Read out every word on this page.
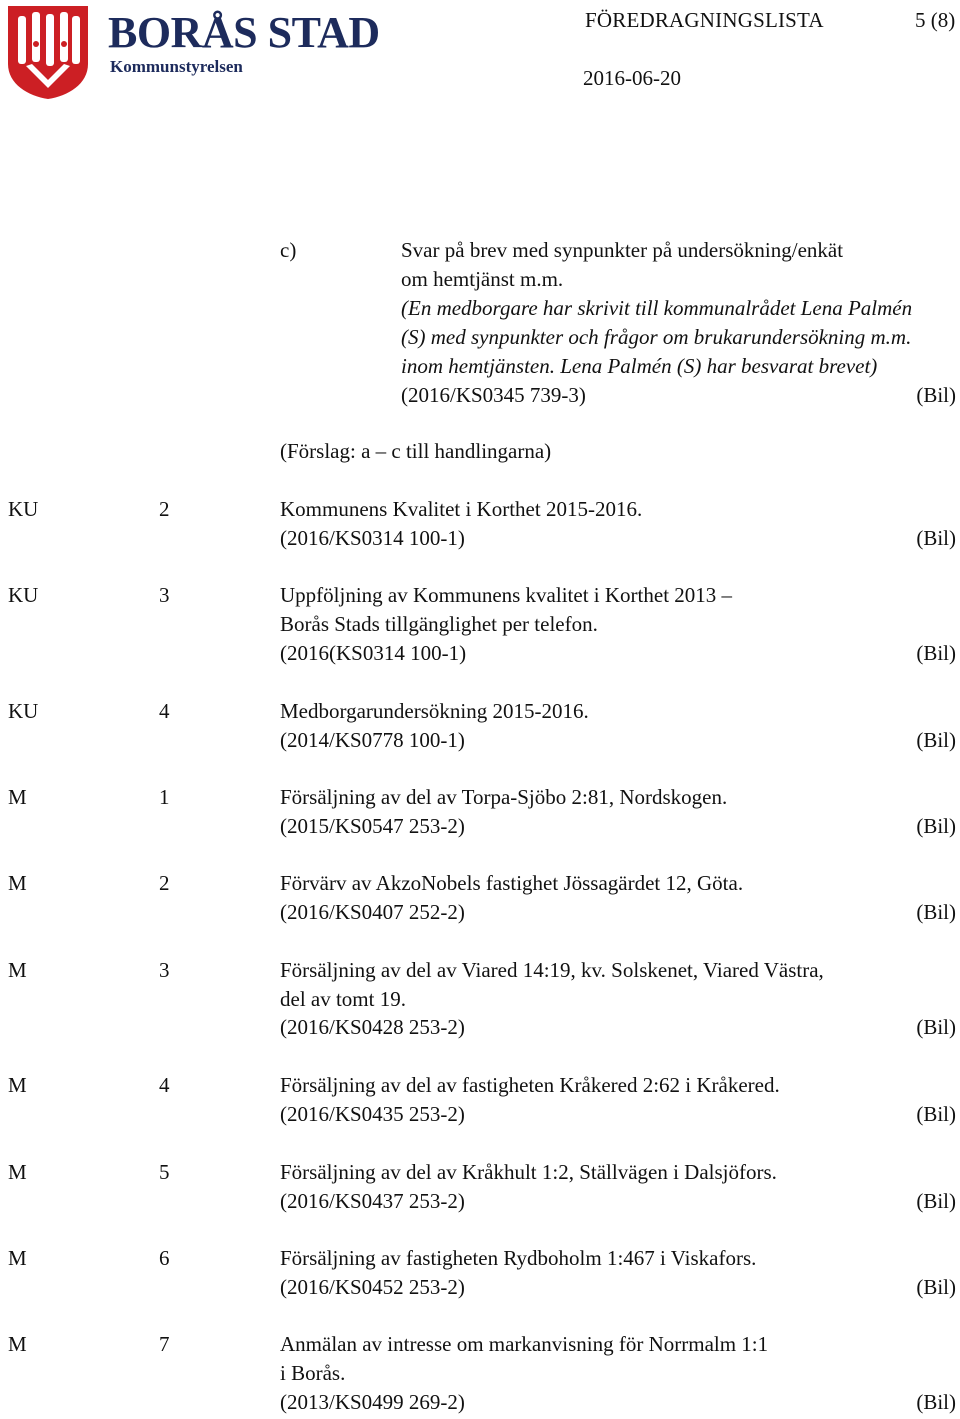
BORÅS STAD
Kommunstyrelsen
FÖREDRAGNINGSLISTA	5 (8)
2016-06-20
c)	Svar på brev med synpunkter på undersökning/enkät
om hemtjänst m.m.
(En medborgare har skrivit till kommunalrådet Lena Palmén
(S) med synpunkter och frågor om brukarundersökning m.m.
inom hemtjänsten. Lena Palmén (S) har besvarat brevet)
(2016/KS0345 739-3)	(Bil)
(Förslag: a – c till handlingarna)
KU	2	Kommunens Kvalitet i Korthet 2015-2016.
(2016/KS0314 100-1)	(Bil)
KU	3	Uppföljning av Kommunens kvalitet i Korthet 2013 –
Borås Stads tillgänglighet per telefon.
(2016(KS0314 100-1)	(Bil)
KU	4	Medborgarundersökning 2015-2016.
(2014/KS0778 100-1)	(Bil)
M	1	Försäljning av del av Torpa-Sjöbo 2:81, Nordskogen.
(2015/KS0547 253-2)	(Bil)
M	2	Förvärv av AkzoNobels fastighet Jössagärdet 12, Göta.
(2016/KS0407 252-2)	(Bil)
M	3	Försäljning av del av Viared 14:19, kv. Solskenet, Viared Västra,
del av tomt 19.
(2016/KS0428 253-2)	(Bil)
M	4	Försäljning av del av fastigheten Kråkered 2:62 i Kråkered.
(2016/KS0435 253-2)	(Bil)
M	5	Försäljning av del av Kråkhult 1:2, Ställvägen i Dalsjöfors.
(2016/KS0437 253-2)	(Bil)
M	6	Försäljning av fastigheten Rydboholm 1:467 i Viskafors.
(2016/KS0452 253-2)	(Bil)
M	7	Anmälan av intresse om markanvisning för Norrmalm 1:1
i Borås.
(2013/KS0499 269-2)	(Bil)
